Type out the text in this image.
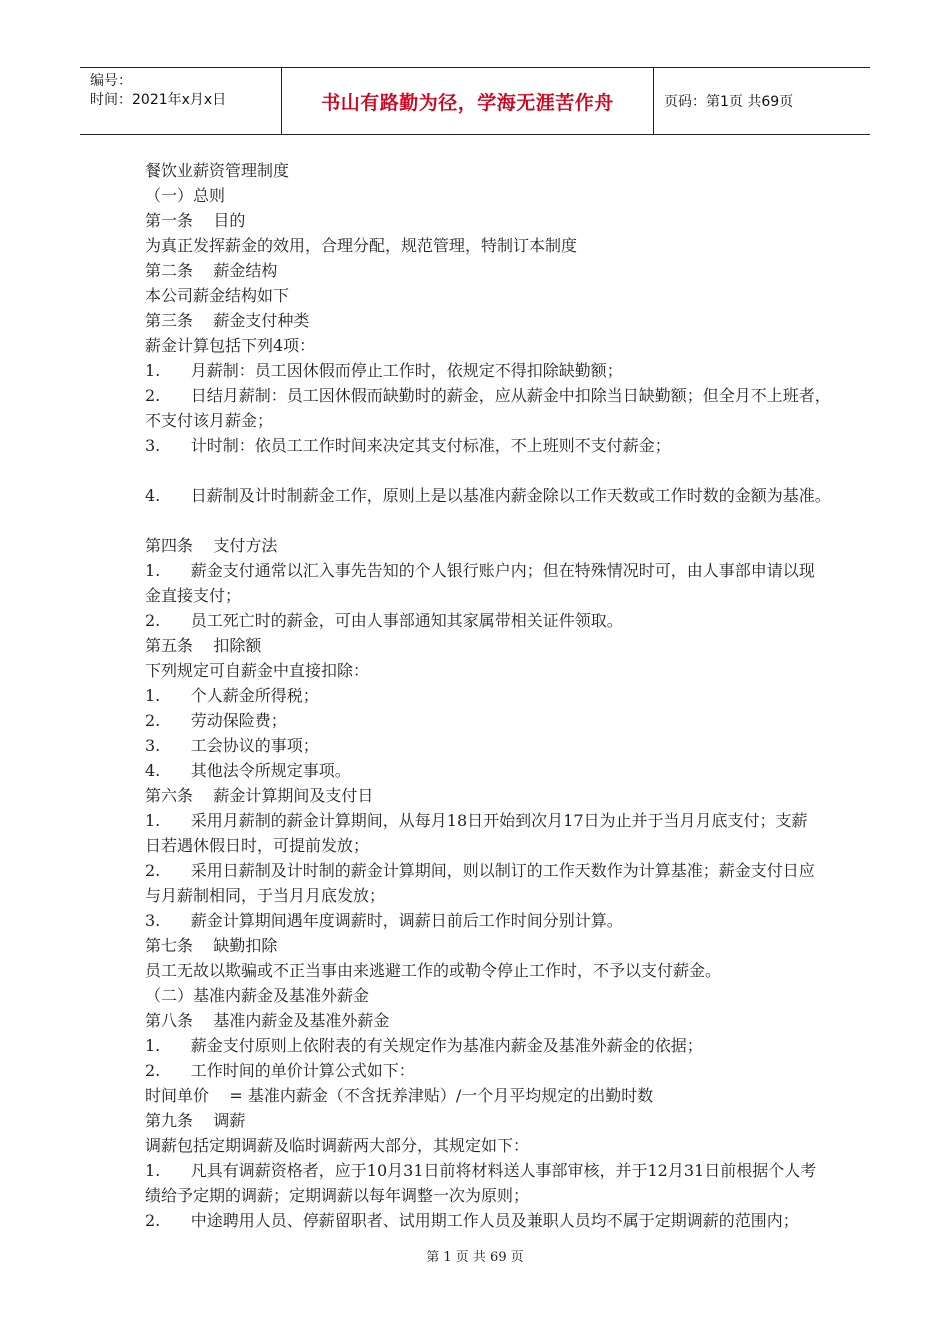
编号：
时间：2021年x月x日	书山有路勤为径，学海无涯苦作舟	页码：第1页 共69页

餐饮业薪资管理制度

（一）总则

第一条    目的

为真正发挥薪金的效用，合理分配，规范管理，特制订本制度

第二条    薪金结构

本公司薪金结构如下

第三条    薪金支付种类

薪金计算包括下列4项：

1.      月薪制：员工因休假而停止工作时，依规定不得扣除缺勤额；

2.      日结月薪制：员工因休假而缺勤时的薪金，应从薪金中扣除当日缺勤额；但全月不上班者，

不支付该月薪金；

3.      计时制：依员工工作时间来决定其支付标准，不上班则不支付薪金；

4.      日薪制及计时制薪金工作，原则上是以基准内薪金除以工作天数或工作时数的金额为基准。

第四条    支付方法

1.      薪金支付通常以汇入事先告知的个人银行账户内；但在特殊情况时可，由人事部申请以现

金直接支付；

2.      员工死亡时的薪金，可由人事部通知其家属带相关证件领取。

第五条    扣除额

下列规定可自薪金中直接扣除：

1.      个人薪金所得税；

2.      劳动保险费；

3.      工会协议的事项；

4.      其他法令所规定事项。

第六条    薪金计算期间及支付日

1.      采用月薪制的薪金计算期间，从每月18日开始到次月17日为止并于当月月底支付；支薪

日若遇休假日时，可提前发放；

2.      采用日薪制及计时制的薪金计算期间，则以制订的工作天数作为计算基准；薪金支付日应

与月薪制相同，于当月月底发放；

3.      薪金计算期间遇年度调薪时，调薪日前后工作时间分别计算。

第七条    缺勤扣除

员工无故以欺骗或不正当事由来逃避工作的或勒令停止工作时，不予以支付薪金。

（二）基准内薪金及基准外薪金

第八条    基准内薪金及基准外薪金

1.      薪金支付原则上依附表的有关规定作为基准内薪金及基准外薪金的依据；

2.      工作时间的单价计算公式如下：

时间单价    = 基准内薪金（不含抚养津贴）/一个月平均规定的出勤时数

第九条    调薪

调薪包括定期调薪及临时调薪两大部分，其规定如下：

1.      凡具有调薪资格者，应于10月31日前将材料送人事部审核，并于12月31日前根据个人考

绩给予定期的调薪；定期调薪以每年调整一次为原则；

2.      中途聘用人员、停薪留职者、试用期工作人员及兼职人员均不属于定期调薪的范围内；

第 1 页 共 69 页
